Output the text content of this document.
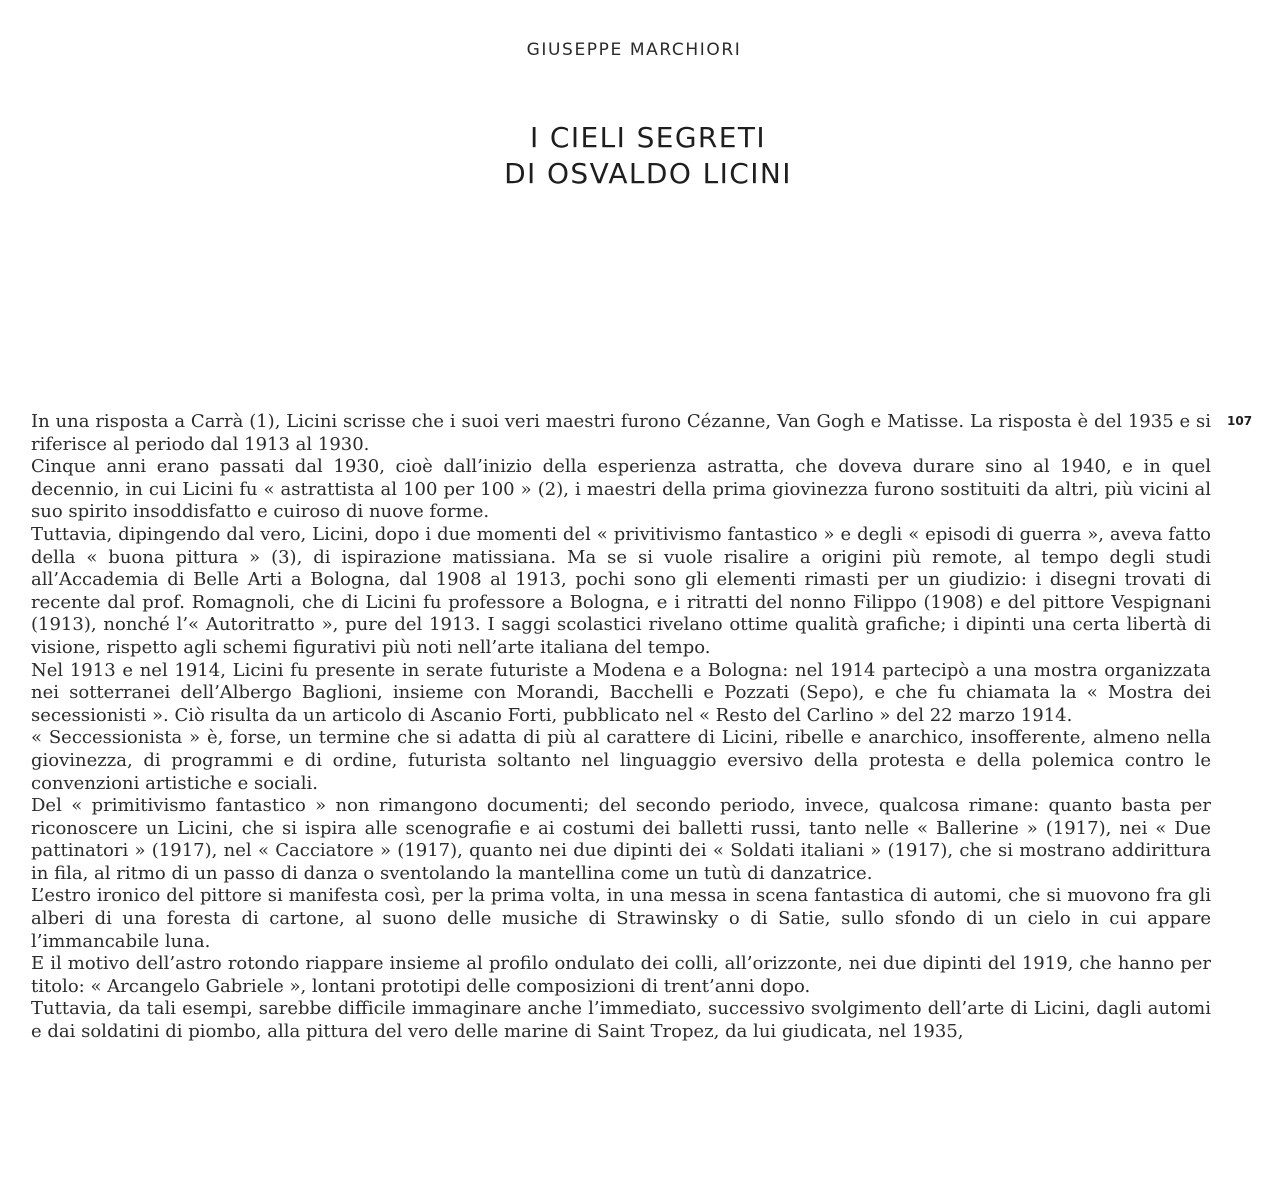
GIUSEPPE MARCHIORI
I CIELI SEGRETI
DI OSVALDO LICINI
107

In una risposta a Carrà (1), Licini scrisse che i suoi veri maestri furono Cézanne, Van Gogh e Matisse. La risposta è del 1935 e si riferisce al periodo dal 1913 al 1930.

Cinque anni erano passati dal 1930, cioè dall’inizio della esperienza astratta, che doveva durare sino al 1940, e in quel decennio, in cui Licini fu « astrattista al 100 per 100 » (2), i maestri della prima giovinezza furono sostituiti da altri, più vicini al suo spirito insoddisfatto e cuiroso di nuove forme.

Tuttavia, dipingendo dal vero, Licini, dopo i due momenti del « privitivismo fantastico » e degli « episodi di guerra », aveva fatto della « buona pittura » (3), di ispirazione matissiana. Ma se si vuole risalire a origini più remote, al tempo degli studi all’Accademia di Belle Arti a Bologna, dal 1908 al 1913, pochi sono gli elementi rimasti per un giudizio: i disegni trovati di recente dal prof. Romagnoli, che di Licini fu professore a Bologna, e i ritratti del nonno Filippo (1908) e del pittore Vespignani (1913), nonché l’« Autoritratto », pure del 1913. I saggi scolastici rivelano ottime qualità grafiche; i dipinti una certa libertà di visione, rispetto agli schemi figurativi più noti nell’arte italiana del tempo.

Nel 1913 e nel 1914, Licini fu presente in serate futuriste a Modena e a Bologna: nel 1914 partecipò a una mostra organizzata nei sotterranei dell’Albergo Baglioni, insieme con Morandi, Bacchelli e Pozzati (Sepo), e che fu chiamata la « Mostra dei secessionisti ». Ciò risulta da un articolo di Ascanio Forti, pubblicato nel « Resto del Carlino » del 22 marzo 1914.

« Seccessionista » è, forse, un termine che si adatta di più al carattere di Licini, ribelle e anarchico, insofferente, almeno nella giovinezza, di programmi e di ordine, futurista soltanto nel linguaggio eversivo della protesta e della polemica contro le convenzioni artistiche e sociali.

Del « primitivismo fantastico » non rimangono documenti; del secondo periodo, invece, qualcosa rimane: quanto basta per riconoscere un Licini, che si ispira alle scenografie e ai costumi dei balletti russi, tanto nelle « Ballerine » (1917), nei « Due pattinatori » (1917), nel « Cacciatore » (1917), quanto nei due dipinti dei « Soldati italiani » (1917), che si mostrano addirittura in fila, al ritmo di un passo di danza o sventolando la mantellina come un tutù di danzatrice.

L’estro ironico del pittore si manifesta così, per la prima volta, in una messa in scena fantastica di automi, che si muovono fra gli alberi di una foresta di cartone, al suono delle musiche di Strawinsky o di Satie, sullo sfondo di un cielo in cui appare l’immancabile luna.

E il motivo dell’astro rotondo riappare insieme al profilo ondulato dei colli, all’orizzonte, nei due dipinti del 1919, che hanno per titolo: « Arcangelo Gabriele », lontani prototipi delle composizioni di trent’anni dopo.

Tuttavia, da tali esempi, sarebbe difficile immaginare anche l’immediato, successivo svolgimento dell’arte di Licini, dagli automi e dai soldatini di piombo, alla pittura del vero delle marine di Saint Tropez, da lui giudicata, nel 1935,
